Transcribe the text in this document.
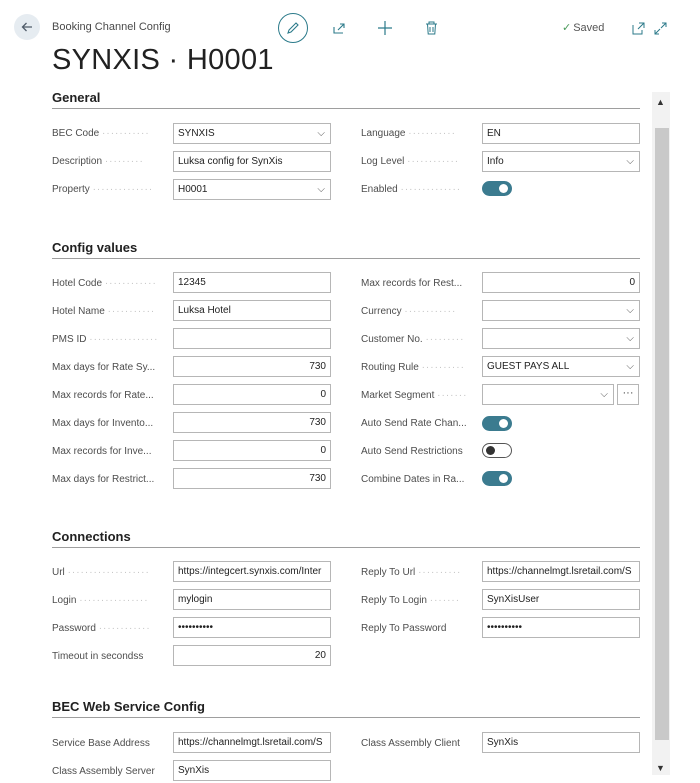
Booking Channel Config	✓ Saved
SYNXIS · H0001
General
BEC Code ···········	SYNXIS	⌵
Description ·········	Luksa config for SynXis
Property ··············	H0001	⌵
Language ···········	EN
Log Level ············	Info	⌵
Enabled ··············
Config values
Hotel Code ············	12345
Hotel Name ···········	Luksa Hotel
PMS ID ················
Max days for Rate Sy...	730
Max records for Rate...	0
Max days for Invento...	730
Max records for Inve...	0
Max days for Restrict...	730
Max records for Rest...	0
Currency ············	⌵
Customer No. ·········	⌵
Routing Rule ··········	GUEST PAYS ALL	⌵
Market Segment ·······	⌵	···
Auto Send Rate Chan...
Auto Send Restrictions
Combine Dates in Ra...
Connections
Url ···················	https://integcert.synxis.com/Inter
Login ················	mylogin
Password ············	••••••••••
Timeout in secondss	20
Reply To Url ··········	https://channelmgt.lsretail.com/S
Reply To Login ·······	SynXisUser
Reply To Password	••••••••••
BEC Web Service Config
Service Base Address	https://channelmgt.lsretail.com/S	Class Assembly Client	SynXis
Class Assembly Server	SynXis
▲
▼
